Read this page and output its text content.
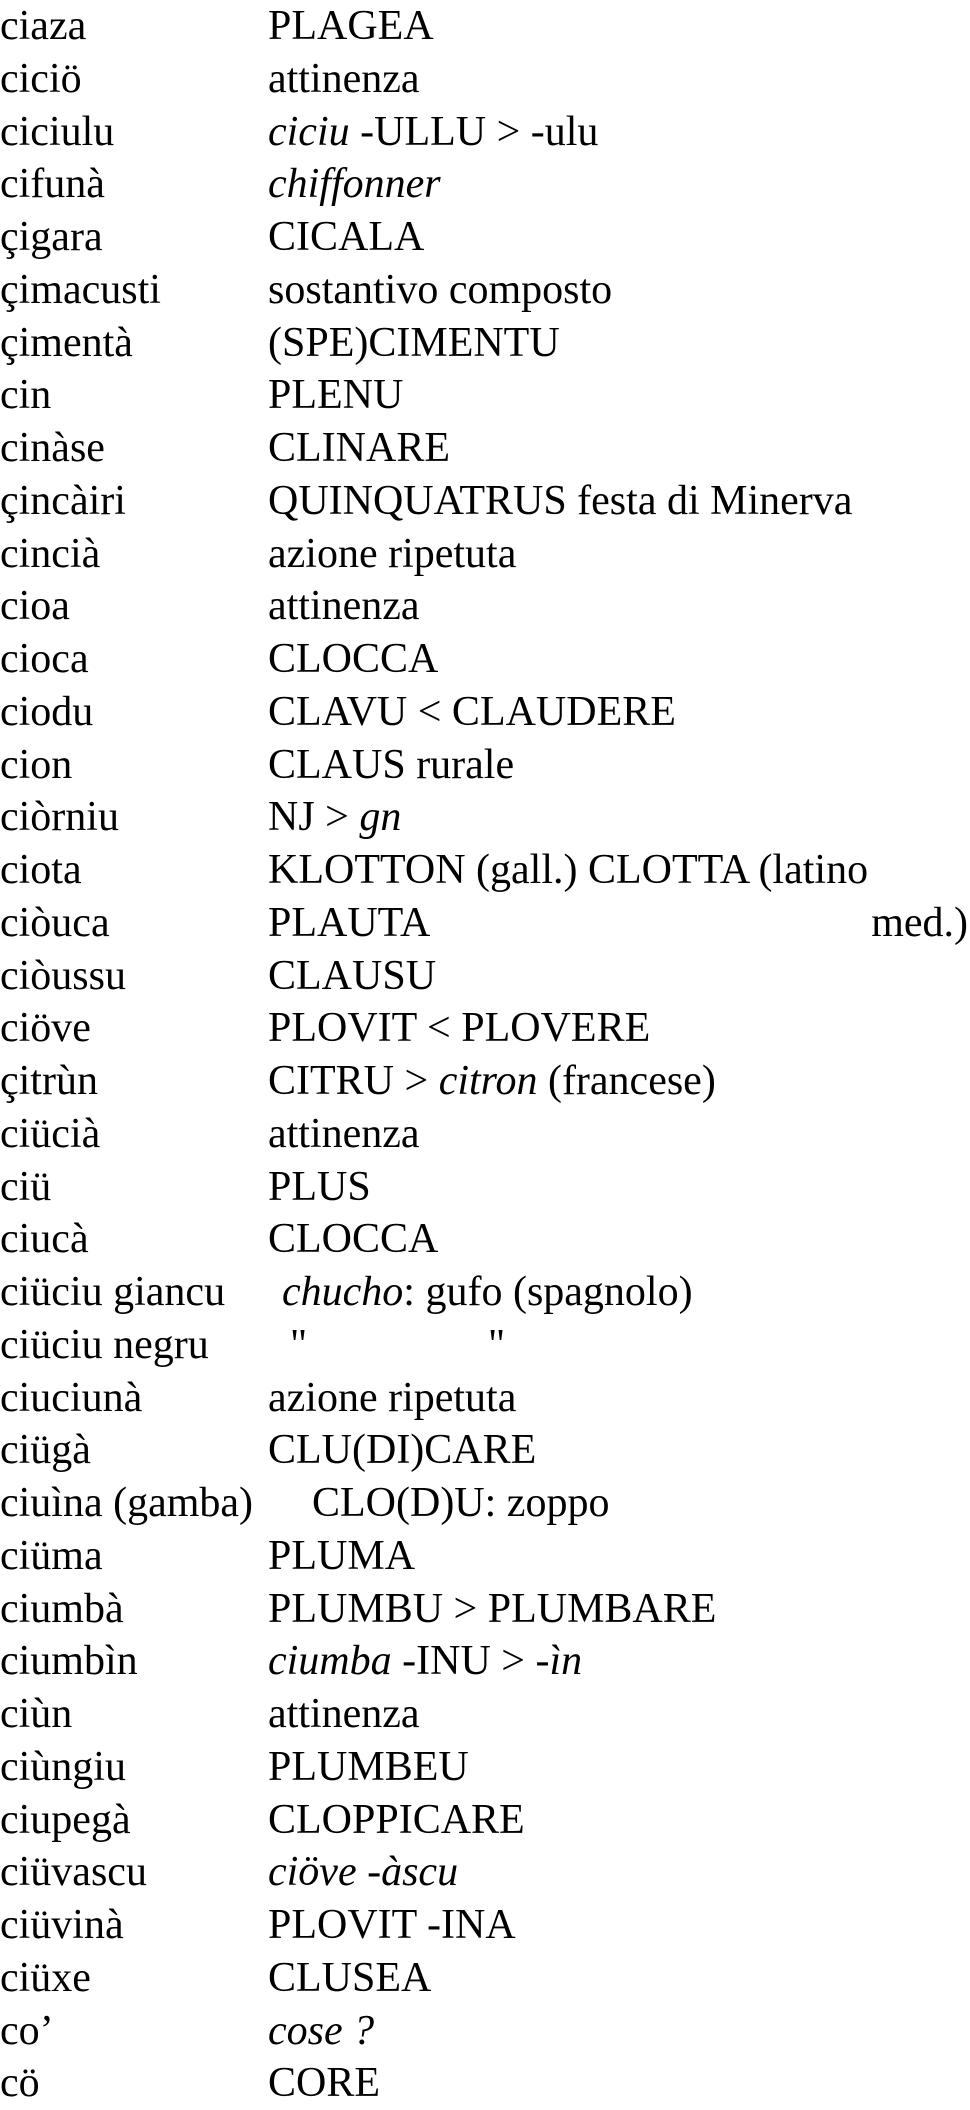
ciaza	PLAGEA
ciciö	attinenza
ciciulu	ciciu -ULLU > -ulu
cifunà	chiffonner
çigara	CICALA
çimacusti	sostantivo composto
çimentà	(SPE)CIMENTU
cin	PLENU
cinàse	CLINARE
çincàiri	QUINQUATRUS festa di Minerva
cincià	azione ripetuta
cioa	attinenza
cioca	CLOCCA
ciodu	CLAVU < CLAUDERE
cion	CLAUS rurale
ciòrniu	NJ > gn
ciota	KLOTTON (gall.) CLOTTA (latino
ciòuca	PLAUTA	med.)
ciòussu	CLAUSU
ciöve	PLOVIT < PLOVERE
çitrùn	CITRU > citron (francese)
ciücià	attinenza
ciü	PLUS
ciucà	CLOCCA
ciüciu giancu chucho: gufo (spagnolo)
ciüciu negru "	"
ciuciunà	azione ripetuta
ciügà	CLU(DI)CARE
ciuìna (gamba) CLO(D)U: zoppo
ciüma	PLUMA
ciumbà	PLUMBU > PLUMBARE
ciumbìn	ciumba -INU > -ìn
ciùn	attinenza
ciùngiu	PLUMBEU
ciupegà	CLOPPICARE
ciüvascu	ciöve -àscu
ciüvinà	PLOVIT -INA
ciüxe	CLUSEA
co’	cose ?
cö	CORE
